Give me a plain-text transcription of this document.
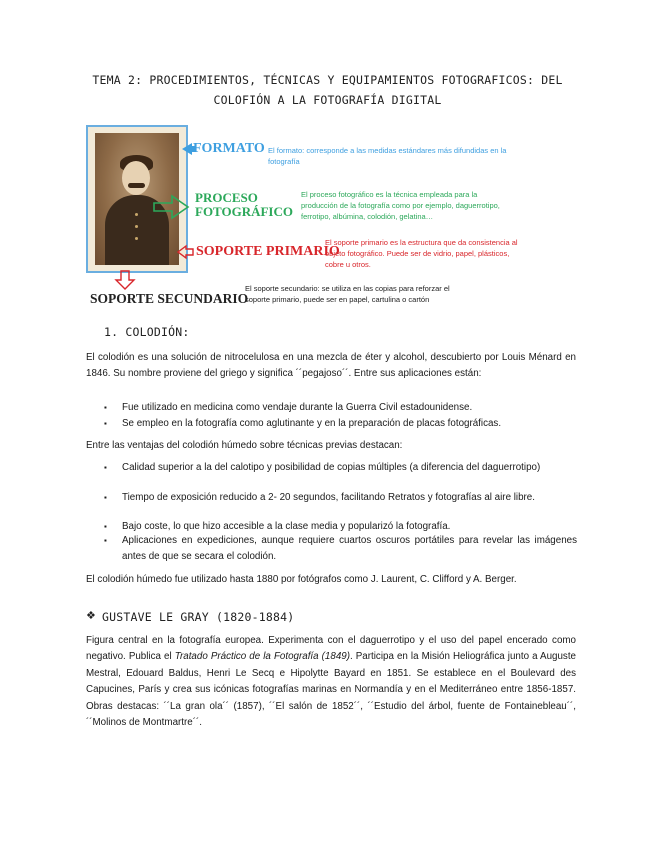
TEMA 2: PROCEDIMIENTOS, TÉCNICAS Y EQUIPAMIENTOS FOTOGRAFICOS: DEL
COLOFIÓN A LA FOTOGRAFÍA DIGITAL
FORMATO El formato: corresponde a las medidas estándares más difundidas en la fotografía
PROCESO
FOTOGRÁFICO
El proceso fotográfico es la técnica empleada para la producción de la fotografía como por ejemplo, daguerrotipo, ferrotipo, albúmina, colodión, gelatina…
SOPORTE PRIMARIO
El soporte primario es la estructura que da consistencia al objeto fotográfico. Puede ser de vidrio, papel, plásticos, cobre u otros.
SOPORTE SECUNDARIO
El soporte secundario: se utiliza en las copias para reforzar el soporte primario, puede ser en papel, cartulina o cartón
1. COLODIÓN:
El colodión es una solución de nitrocelulosa en una mezcla de éter y alcohol, descubierto por Louis Ménard en 1846. Su nombre proviene del griego y significa ´´pegajoso´´. Entre sus aplicaciones están:
▪ Fue utilizado en medicina como vendaje durante la Guerra Civil estadounidense.
▪ Se empleo en la fotografía como aglutinante y en la preparación de placas fotográficas.
Entre las ventajas del colodión húmedo sobre técnicas previas destacan:
▪ Calidad superior a la del calotipo y posibilidad de copias múltiples (a diferencia del daguerrotipo)
▪ Tiempo de exposición reducido a 2- 20 segundos, facilitando Retratos y fotografías al aire libre.
▪ Bajo coste, lo que hizo accesible a la clase media y popularizó la fotografía.
▪ Aplicaciones en expediciones, aunque requiere cuartos oscuros portátiles para revelar las imágenes antes de que se secara el colodión.
El colodión húmedo fue utilizado hasta 1880 por fotógrafos como J. Laurent, C. Clifford y A. Berger.
❖ GUSTAVE LE GRAY (1820-1884)
Figura central en la fotografía europea. Experimenta con el daguerrotipo y el uso del papel encerado como negativo. Publica el Tratado Práctico de la Fotografía (1849). Participa en la Misión Heliográfica junto a Auguste Mestral, Edouard Baldus, Henri Le Secq e Hipolytte Bayard en 1851. Se establece en el Boulevard des Capucines, París y crea sus icónicas fotografías marinas en Normandía y en el Mediterráneo entre 1856-1857. Obras destacas: ´´La gran ola´´ (1857), ´´El salón de 1852´´, ´´Estudio del árbol, fuente de Fontainebleau´´, ´´Molinos de Montmartre´´.
